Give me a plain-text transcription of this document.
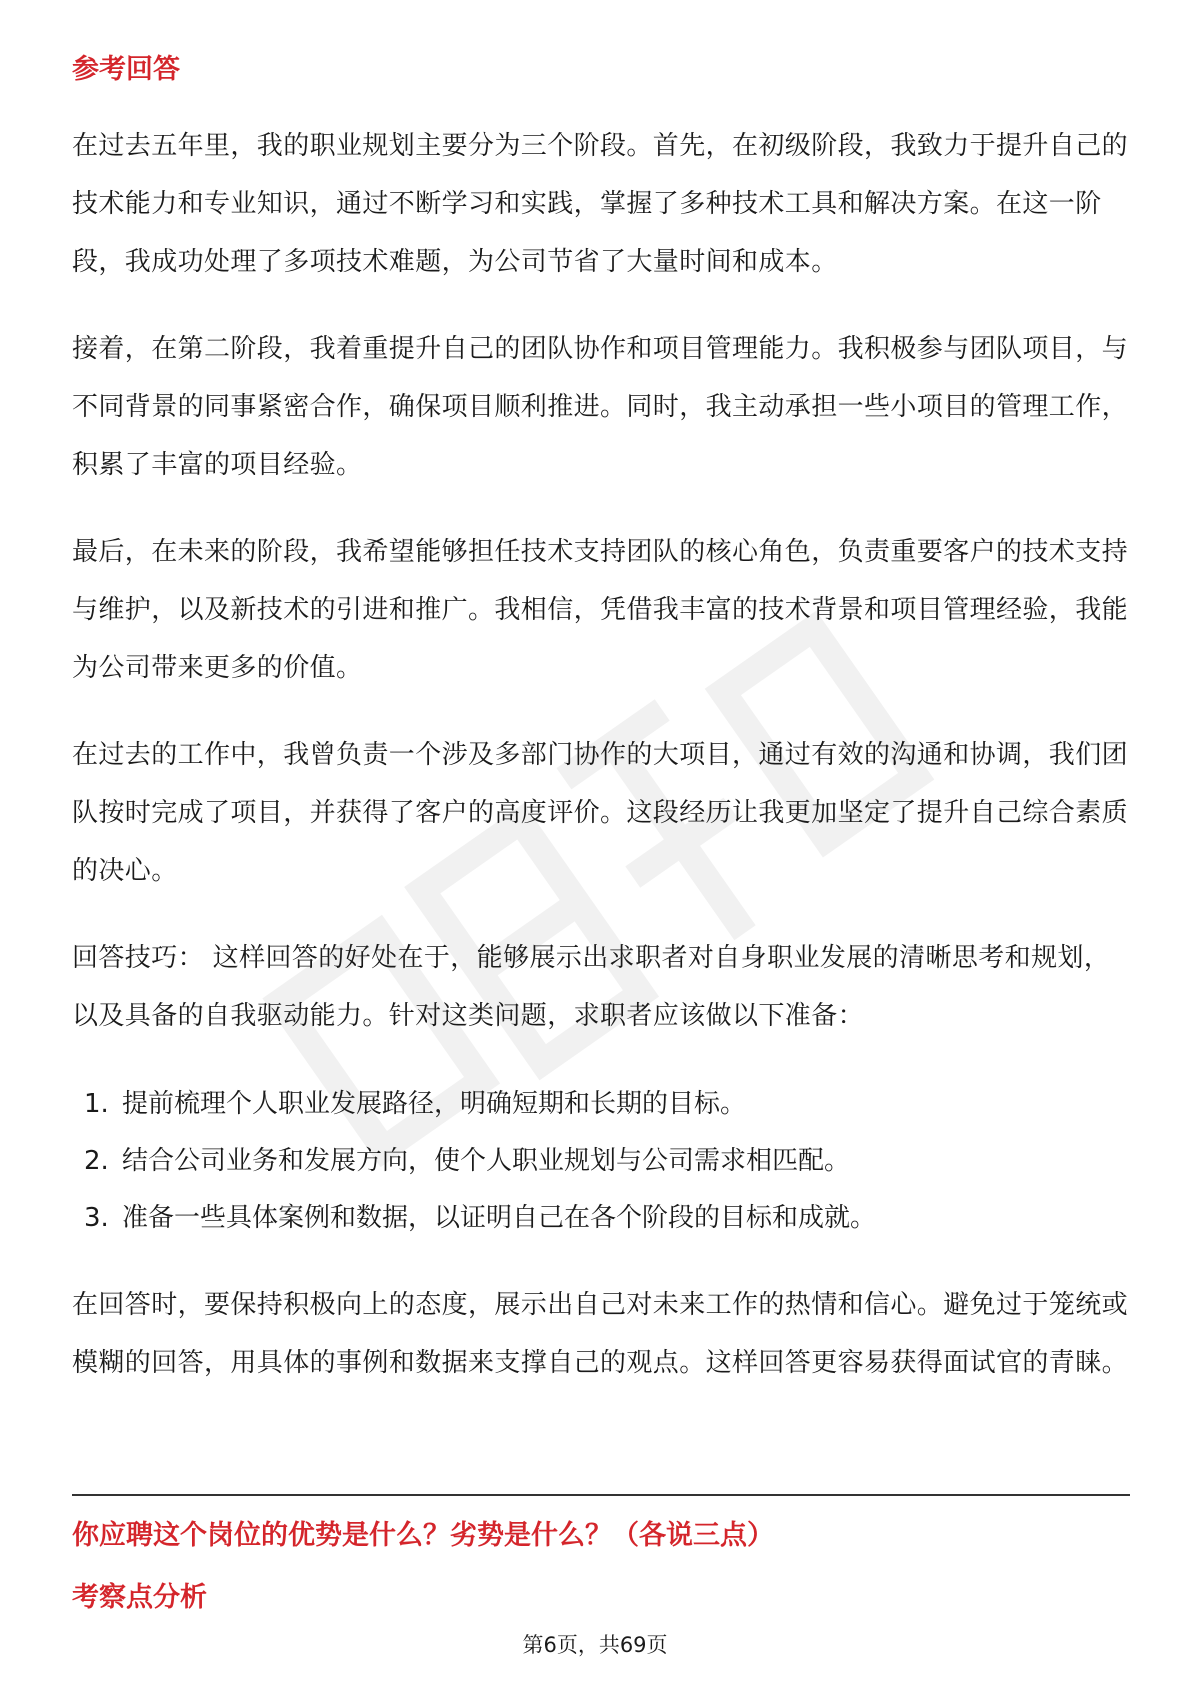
参考回答

在过去五年里，我的职业规划主要分为三个阶段。首先，在初级阶段，我致力于提升自己的技术能力和专业知识，通过不断学习和实践，掌握了多种技术工具和解决方案。在这一阶段，我成功处理了多项技术难题，为公司节省了大量时间和成本。

接着，在第二阶段，我着重提升自己的团队协作和项目管理能力。我积极参与团队项目，与不同背景的同事紧密合作，确保项目顺利推进。同时，我主动承担一些小项目的管理工作，积累了丰富的项目经验。

最后，在未来的阶段，我希望能够担任技术支持团队的核心角色，负责重要客户的技术支持与维护，以及新技术的引进和推广。我相信，凭借我丰富的技术背景和项目管理经验，我能为公司带来更多的价值。

在过去的工作中，我曾负责一个涉及多部门协作的大项目，通过有效的沟通和协调，我们团队按时完成了项目，并获得了客户的高度评价。这段经历让我更加坚定了提升自己综合素质的决心。

回答技巧： 这样回答的好处在于，能够展示出求职者对自身职业发展的清晰思考和规划，以及具备的自我驱动能力。针对这类问题，求职者应该做以下准备：

1. 提前梳理个人职业发展路径，明确短期和长期的目标。
2. 结合公司业务和发展方向，使个人职业规划与公司需求相匹配。
3. 准备一些具体案例和数据，以证明自己在各个阶段的目标和成就。

在回答时，要保持积极向上的态度，展示出自己对未来工作的热情和信心。避免过于笼统或模糊的回答，用具体的事例和数据来支撑自己的观点。这样回答更容易获得面试官的青睐。

你应聘这个岗位的优势是什么？劣势是什么？（各说三点）
考察点分析
第6页，共69页
